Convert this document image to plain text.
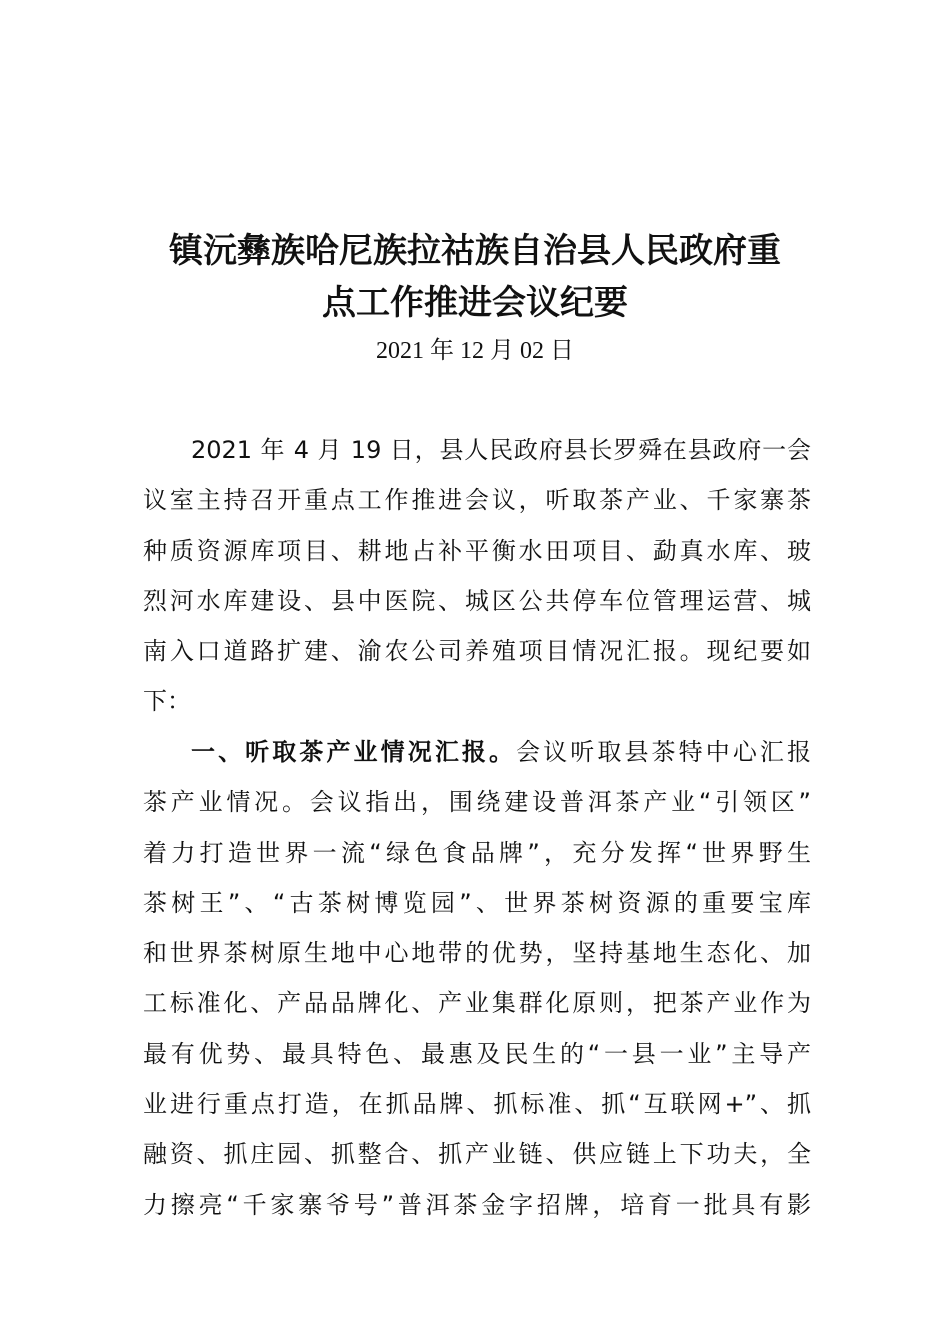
镇沅彝族哈尼族拉祜族自治县人民政府重
点工作推进会议纪要

2021 年 12 月 02 日

2021 年 4 月 19 日，县人民政府县长罗舜在县政府一会
议室主持召开重点工作推进会议，听取茶产业、千家寨茶
种质资源库项目、耕地占补平衡水田项目、勐真水库、玻
烈河水库建设、县中医院、城区公共停车位管理运营、城
南入口道路扩建、渝农公司养殖项目情况汇报。现纪要如
下：
一、听取茶产业情况汇报。会议听取县茶特中心汇报
茶产业情况。会议指出，围绕建设普洱茶产业“引领区”
着力打造世界一流“绿色食品牌”，充分发挥“世界野生
茶树王”、“古茶树博览园”、世界茶树资源的重要宝库
和世界茶树原生地中心地带的优势，坚持基地生态化、加
工标准化、产品品牌化、产业集群化原则，把茶产业作为
最有优势、最具特色、最惠及民生的“一县一业”主导产
业进行重点打造，在抓品牌、抓标准、抓“互联网+”、抓
融资、抓庄园、抓整合、抓产业链、供应链上下功夫，全
力擦亮“千家寨爷号”普洱茶金字招牌，培育一批具有影
